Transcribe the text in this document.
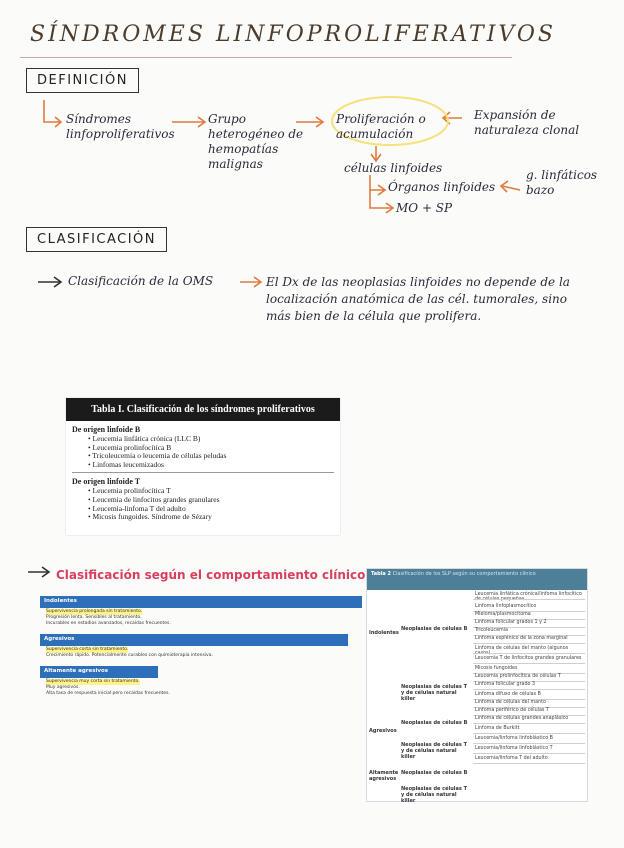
SÍNDROMES LINFOPROLIFERATIVOS
DEFINICIÓN
Síndromes linfoproliferativos
Grupo heterogéneo de hemopatías malignas
Proliferación o acumulación
Expansión de naturaleza clonal
células linfoides
Órganos linfoides
g. linfáticos bazo
MO + SP
CLASIFICACIÓN
Clasificación de la OMS	El Dx de las neoplasias linfoides no depende de la localización anatómica de las cél. tumorales, sino más bien de la célula que prolifera.
Tabla I. Clasificación de los síndromes proliferativos
De origen linfoide B
• Leucemia linfática crónica (LLC B)
• Leucemia prolinfocítica B
• Tricoleucemia o leucemia de células peludas
• Linfomas leucemizados
De origen linfoide T
• Leucemia prolinfocítica T
• Leucemia de linfocitos grandes granulares
• Leucemia-linfoma T del adulto
• Micosis fungoides. Síndrome de Sézary
Clasificación según el comportamiento clínico
Indolentes
Supervivencia prolongada sin tratamiento.
Progresión lenta. Sensibles al tratamiento.
Incurables en estadios avanzados, recaídas frecuentes.
Agresivos
Supervivencia corta sin tratamiento.
Crecimiento rápido. Potencialmente curables con quimioterapia intensiva.
Altamente agresivos
Supervivencia muy corta sin tratamiento.
Muy agresivos.
Alta tasa de respuesta inicial pero recaídas frecuentes.
Tabla 2 Clasificación de los SLP según su comportamiento clínico
Indolentes
Agresivos
Altamente agresivos
Neoplasias de células B
Neoplasias de células T y de células natural killer
Neoplasias de células B
Neoplasias de células T y de células natural killer
Neoplasias de células B
Neoplasias de células T y de células natural killer
Leucemia linfática crónica/linfoma linfocítico de células pequeñas
Linfoma linfoplasmocítico
Mieloma/plasmocitoma
Linfoma folicular grados 1 y 2
Tricoleucemia
Linfoma esplénico de la zona marginal
Linfoma de células del manto (algunos casos)
Leucemia T de linfocitos grandes granulares
Micosis fungoides
Leucemia prolinfocítica de células T
Linfoma folicular grado 3
Linfoma difuso de células B
Linfoma de células del manto
Linfoma periférico de células T
Linfoma de células grandes anaplásico
Linfoma de Burkitt
Leucemia/linfoma linfoblástico B
Leucemia/linfoma linfoblástico T
Leucemia/linfoma T del adulto
